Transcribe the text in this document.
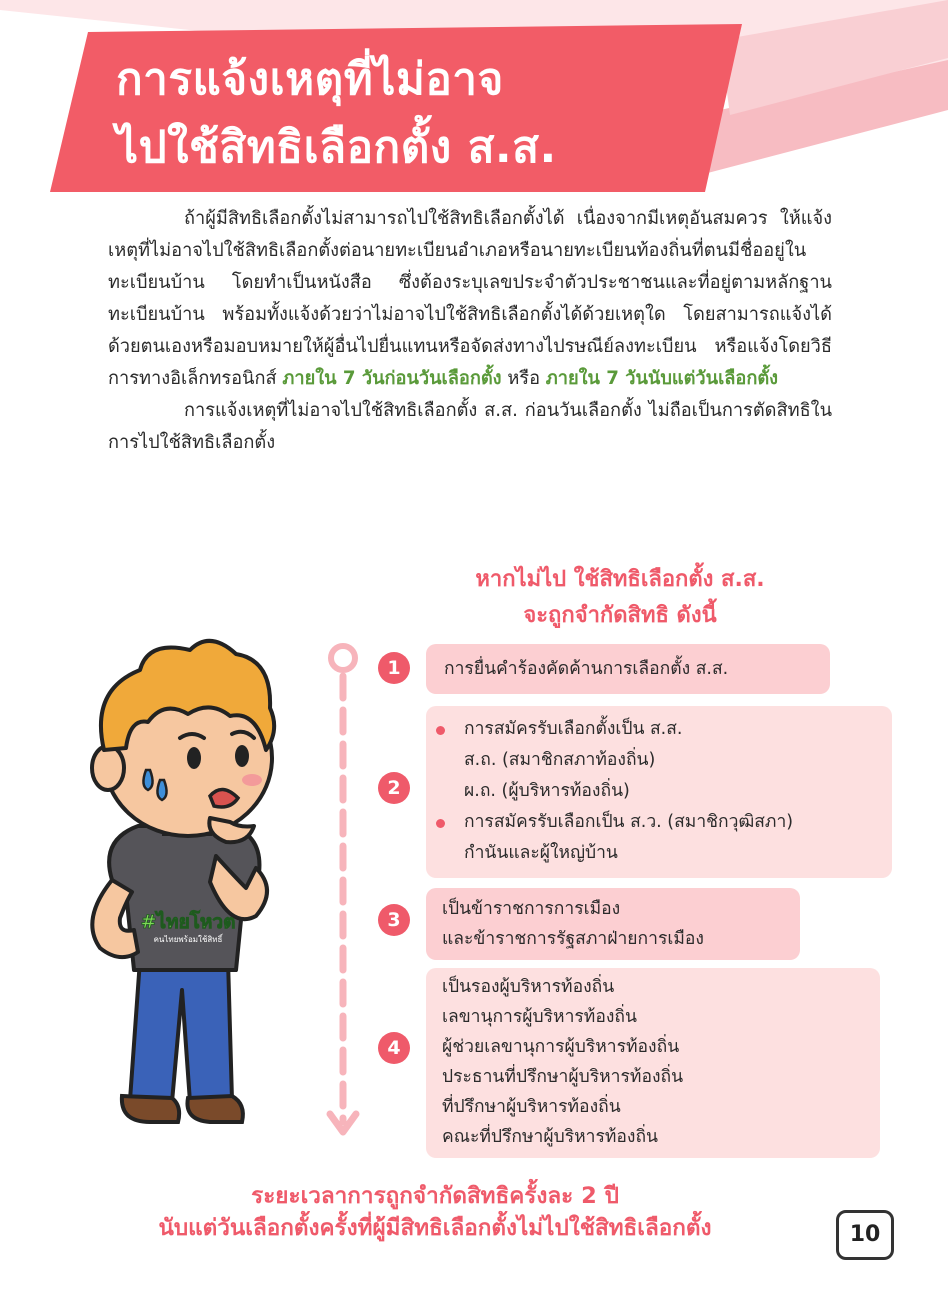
การแจ้งเหตุที่ไม่อาจ
ไปใช้สิทธิเลือกตั้ง ส.ส.

ถ้าผู้มีสิทธิเลือกตั้งไม่สามารถไปใช้สิทธิเลือกตั้งได้ เนื่องจากมีเหตุอันสมควร ให้แจ้งเหตุที่ไม่อาจไปใช้สิทธิเลือกตั้งต่อนายทะเบียนอำเภอหรือนายทะเบียนท้องถิ่นที่ตนมีชื่ออยู่ในทะเบียนบ้าน โดยทำเป็นหนังสือ ซึ่งต้องระบุเลขประจำตัวประชาชนและที่อยู่ตามหลักฐานทะเบียนบ้าน พร้อมทั้งแจ้งด้วยว่าไม่อาจไปใช้สิทธิเลือกตั้งได้ด้วยเหตุใด โดยสามารถแจ้งได้ด้วยตนเองหรือมอบหมายให้ผู้อื่นไปยื่นแทนหรือจัดส่งทางไปรษณีย์ลงทะเบียน หรือแจ้งโดยวิธีการทางอิเล็กทรอนิกส์ ภายใน 7 วันก่อนวันเลือกตั้ง หรือ ภายใน 7 วันนับแต่วันเลือกตั้ง

การแจ้งเหตุที่ไม่อาจไปใช้สิทธิเลือกตั้ง ส.ส. ก่อนวันเลือกตั้ง ไม่ถือเป็นการตัดสิทธิในการไปใช้สิทธิเลือกตั้ง

หากไม่ไป ใช้สิทธิเลือกตั้ง ส.ส.
จะถูกจำกัดสิทธิ ดังนี้
1
2
3
4
การยื่นคำร้องคัดค้านการเลือกตั้ง ส.ส.
การสมัครรับเลือกตั้งเป็น ส.ส.
ส.ถ. (สมาชิกสภาท้องถิ่น)
ผ.ถ. (ผู้บริหารท้องถิ่น)
การสมัครรับเลือกเป็น ส.ว. (สมาชิกวุฒิสภา)
กำนันและผู้ใหญ่บ้าน
เป็นข้าราชการการเมือง
และข้าราชการรัฐสภาฝ่ายการเมือง
เป็นรองผู้บริหารท้องถิ่น
เลขานุการผู้บริหารท้องถิ่น
ผู้ช่วยเลขานุการผู้บริหารท้องถิ่น
ประธานที่ปรึกษาผู้บริหารท้องถิ่น
ที่ปรึกษาผู้บริหารท้องถิ่น
คณะที่ปรึกษาผู้บริหารท้องถิ่น
#ไทยโหวต
คนไทยพร้อมใช้สิทธิ์
ระยะเวลาการถูกจำกัดสิทธิครั้งละ 2 ปี
นับแต่วันเลือกตั้งครั้งที่ผู้มีสิทธิเลือกตั้งไม่ไปใช้สิทธิเลือกตั้ง	10
